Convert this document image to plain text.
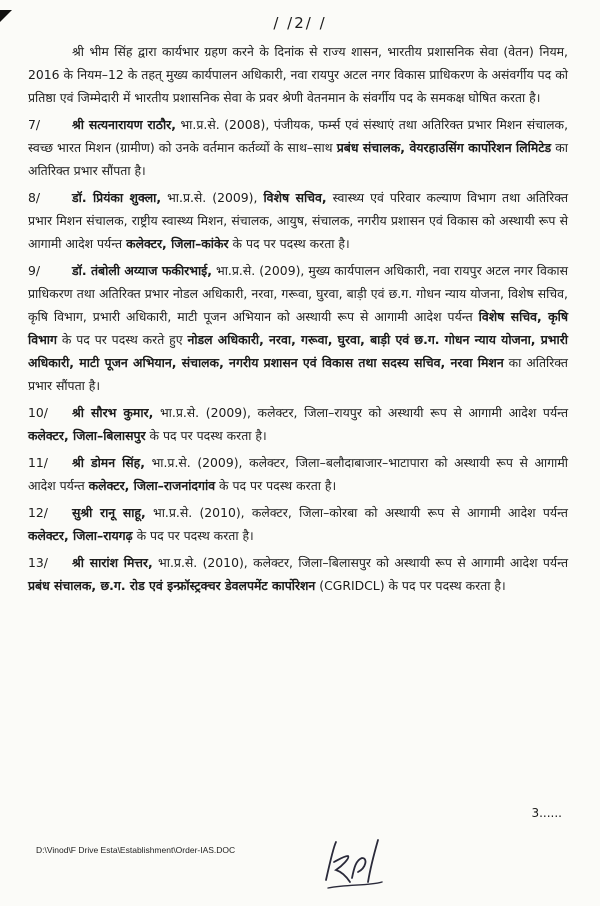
/ /2/ /

श्री भीम सिंह द्वारा कार्यभार ग्रहण करने के दिनांक से राज्य शासन, भारतीय प्रशासनिक सेवा (वेतन) नियम, 2016 के नियम–12 के तहत् मुख्य कार्यपालन अधिकारी, नवा रायपुर अटल नगर विकास प्राधिकरण के असंवर्गीय पद को प्रतिष्ठा एवं जिम्मेदारी में भारतीय प्रशासनिक सेवा के प्रवर श्रेणी वेतनमान के संवर्गीय पद के समकक्ष घोषित करता है।

7/	श्री सत्यनारायण राठौर, भा.प्र.से. (2008), पंजीयक, फर्म्स एवं संस्थाएं तथा अतिरिक्त प्रभार मिशन संचालक, स्वच्छ भारत मिशन (ग्रामीण) को उनके वर्तमान कर्तव्यों के साथ–साथ प्रबंध संचालक, वेयरहाउसिंग कार्पोरेशन लिमिटेड का अतिरिक्त प्रभार सौंपता है।

8/	डॉ. प्रियंका शुक्ला, भा.प्र.से. (2009), विशेष सचिव, स्वास्थ्य एवं परिवार कल्याण विभाग तथा अतिरिक्त प्रभार मिशन संचालक, राष्ट्रीय स्वास्थ्य मिशन, संचालक, आयुष, संचालक, नगरीय प्रशासन एवं विकास को अस्थायी रूप से आगामी आदेश पर्यन्त कलेक्टर, जिला–कांकेर के पद पर पदस्थ करता है।

9/	डॉ. तंबोली अय्याज फकीरभाई, भा.प्र.से. (2009), मुख्य कार्यपालन अधिकारी, नवा रायपुर अटल नगर विकास प्राधिकरण तथा अतिरिक्त प्रभार नोडल अधिकारी, नरवा, गरूवा, घुरवा, बाड़ी एवं छ.ग. गोधन न्याय योजना, विशेष सचिव, कृषि विभाग, प्रभारी अधिकारी, माटी पूजन अभियान को अस्थायी रूप से आगामी आदेश पर्यन्त विशेष सचिव, कृषि विभाग के पद पर पदस्थ करते हुए नोडल अधिकारी, नरवा, गरूवा, घुरवा, बाड़ी एवं छ.ग. गोधन न्याय योजना, प्रभारी अधिकारी, माटी पूजन अभियान, संचालक, नगरीय प्रशासन एवं विकास तथा सदस्य सचिव, नरवा मिशन का अतिरिक्त प्रभार सौंपता है।

10/ श्री सौरभ कुमार, भा.प्र.से. (2009), कलेक्टर, जिला–रायपुर को अस्थायी रूप से आगामी आदेश पर्यन्त कलेक्टर, जिला–बिलासपुर के पद पर पदस्थ करता है।

11/ श्री डोमन सिंह, भा.प्र.से. (2009), कलेक्टर, जिला–बलौदाबाजार–भाटापारा को अस्थायी रूप से आगामी आदेश पर्यन्त कलेक्टर, जिला–राजनांदगांव के पद पर पदस्थ करता है।

12/ सुश्री रानू साहू, भा.प्र.से. (2010), कलेक्टर, जिला–कोरबा को अस्थायी रूप से आगामी आदेश पर्यन्त कलेक्टर, जिला–रायगढ़ के पद पर पदस्थ करता है।

13/ श्री सारांश मित्तर, भा.प्र.से. (2010), कलेक्टर, जिला–बिलासपुर को अस्थायी रूप से आगामी आदेश पर्यन्त प्रबंध संचालक, छ.ग. रोड एवं इन्फ्रॉस्ट्रक्चर डेवलपमेंट कार्पोरेशन (CGRIDCL) के पद पर पदस्थ करता है।

3......
D:\Vinod\F Drive Esta\Establishment\Order-IAS.DOC
